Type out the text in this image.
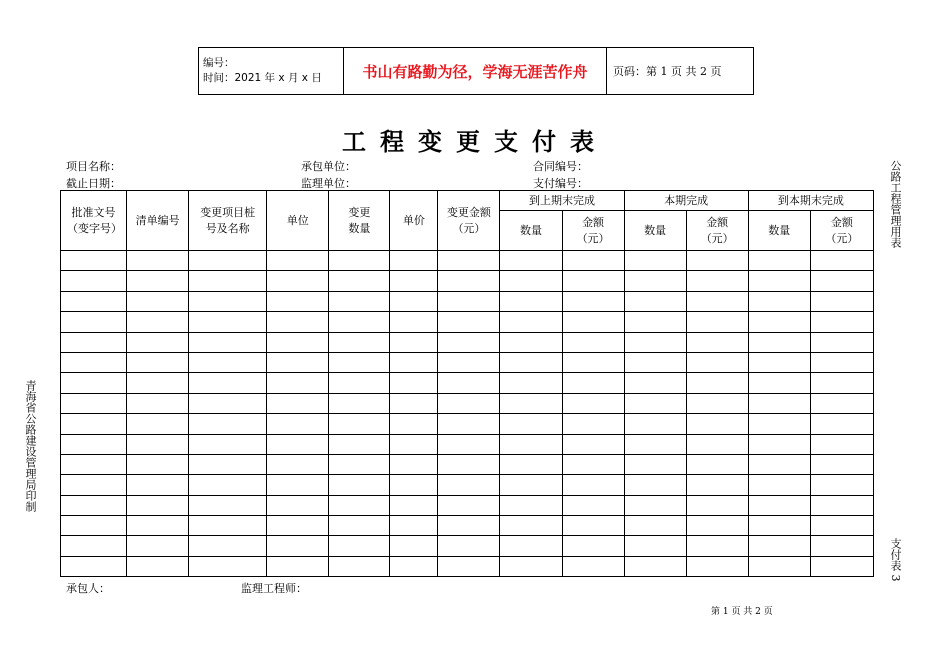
编号：
时间：2021 年 x 月 x 日	书山有路勤为径，学海无涯苦作舟	页码：第 1 页 共 2 页
工程变更支付表
项目名称：	承包单位：	合同编号：
截止日期：	监理单位：	支付编号：
批准文号（变字号）	清单编号	变更项目桩号及名称	单位	变更数量	单价	变更金额（元）	到上期末完成		本期完成		到本期末完成	
							数量	金额（元）	数量	金额（元）	数量	金额（元）

青海省公路建设管理局印制
公路工程管理用表
支付表 3
承包人：	监理工程师：
第 1 页 共 2 页
